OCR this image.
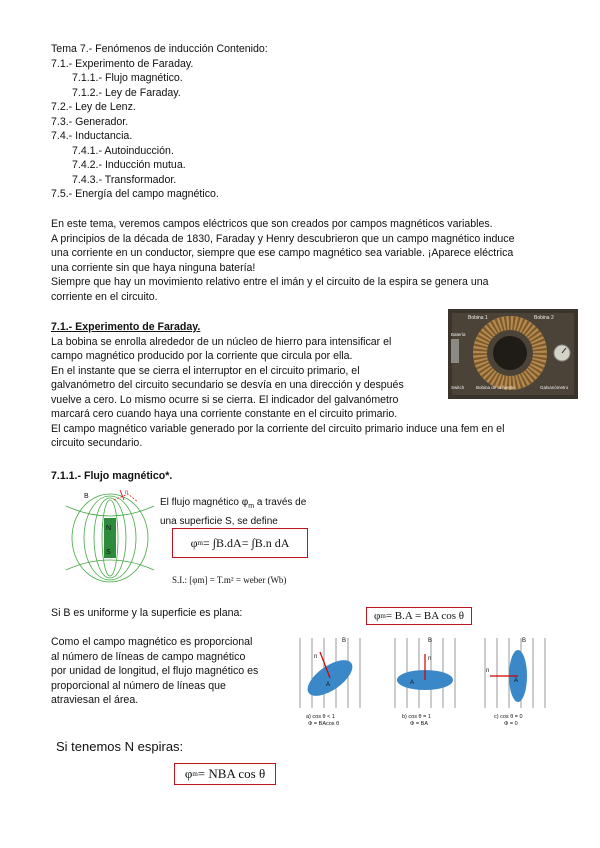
Tema 7.- Fenómenos de inducción Contenido:
7.1.- Experimento de Faraday.
7.1.1.- Flujo magnético.
7.1.2.- Ley de Faraday.
7.2.- Ley de Lenz.
7.3.- Generador.
7.4.- Inductancia.
7.4.1.- Autoinducción.
7.4.2.- Inducción mutua.
7.4.3.- Transformador.
7.5.- Energía del campo magnético.
En este tema, veremos campos eléctricos que son creados por campos magnéticos variables.
A principios de la década de 1830, Faraday y Henry descubrieron que un campo magnético induce
una corriente en un conductor, siempre que ese campo magnético sea variable. ¡Aparece eléctrica
una corriente sin que haya ninguna batería!
Siempre que hay un movimiento relativo entre el imán y el circuito de la espira se genera una
corriente en el circuito.
7.1.- Experimento de Faraday.
La bobina se enrolla alrededor de un núcleo de hierro para intensificar el
campo magnético producido por la corriente que circula por ella.
En el instante que se cierra el interruptor en el circuito primario, el
galvanómetro del circuito secundario se desvía en una dirección y después
vuelve a cero. Lo mismo ocurre si se cierra. El indicador del galvanómetro
marcará cero cuando haya una corriente constante en el circuito primario.
El campo magnético variable generado por la corriente del circuito primario induce una fem en el
circuito secundario.
Bobina 1	Bobina 2
Batería
Switch	Bobina de la fuente	Galvanómetro
7.1.1.- Flujo magnético*.
N
S
B	n
El flujo magnético $\varphi_m$ a través de
una superficie S, se define
φ m = ∫ B.dA = ∫ B.n dA
S.I.: [φm] = T.m² = weber (Wb)
Si B es uniforme y la superficie es plana:	φ m = B.A = BA cos θ
Como el campo magnético es proporcional
al número de líneas de campo magnético
por unidad de longitud, el flujo magnético es
proporcional al número de líneas que
atraviesan el área.
n
B
A
a) cos θ < 1
Φ = BAcos θ
n
B
A
b) cos θ = 1
Φ = BA
n
B
A
c) cos θ = 0
Φ = 0
Si tenemos N espiras:
φ m = NBA cos θ
